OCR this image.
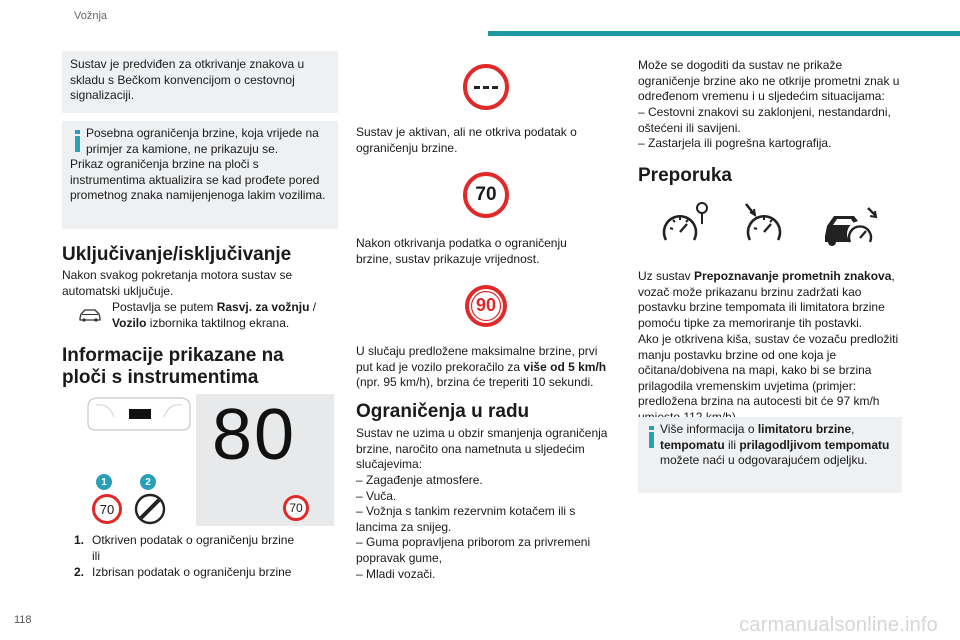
Vožnja
Sustav je predviđen za otkrivanje znakova u skladu s Bečkom konvencijom o cestovnoj signalizaciji.
Posebna ograničenja brzine, koja vrijede na primjer za kamione, ne prikazuju se.
Prikaz ograničenja brzine na ploči s instrumentima aktualizira se kad prođete pored prometnog znaka namijenjenoga lakim vozilima.
Uključivanje/isključivanje
Nakon svakog pokretanja motora sustav se automatski uključuje.
Postavlja se putem Rasvj. za vožnju / Vozilo izbornika taktilnog ekrana.
Informacije prikazane na
ploči s instrumentima
80
70
1	2
70
1. Otkriven podatak o ograničenju brzine
ili
2. Izbrisan podatak o ograničenju brzine
Sustav je aktivan, ali ne otkriva podatak o ograničenju brzine.
70
Nakon otkrivanja podatka o ograničenju brzine, sustav prikazuje vrijednost.
90
U slučaju predložene maksimalne brzine, prvi put kad je vozilo prekoračilo za više od 5 km/h (npr. 95 km/h), brzina će treperiti 10 sekundi.
Ograničenja u radu
Sustav ne uzima u obzir smanjenja ograničenja brzine, naročito ona nametnuta u sljedećim slučajevima:
– Zagađenje atmosfere.
– Vuča.
– Vožnja s tankim rezervnim kotačem ili s lancima za snijeg.
– Guma popravljena priborom za privremeni popravak gume,
– Mladi vozači.
Može se dogoditi da sustav ne prikaže ograničenje brzine ako ne otkrije prometni znak u određenom vremenu i u sljedećim situacijama:
– Cestovni znakovi su zaklonjeni, nestandardni, oštećeni ili savijeni.
– Zastarjela ili pogrešna kartografija.
Preporuka
Uz sustav Prepoznavanje prometnih znakova, vozač može prikazanu brzinu zadržati kao postavku brzine tempomata ili limitatora brzine pomoću tipke za memoriranje tih postavki.
Ako je otkrivena kiša, sustav će vozaču predložiti manju postavku brzine od one koja je očitana/dobivena na mapi, kako bi se brzina prilagodila vremenskim uvjetima (primjer: predložena brzina na autocesti bit će 97 km/h
Više informacija o limitatoru brzine, tempomatu ili prilagodljivom tempomatu možete naći u odgovarajućem odjeljku.
118	carmanualsonline.info
